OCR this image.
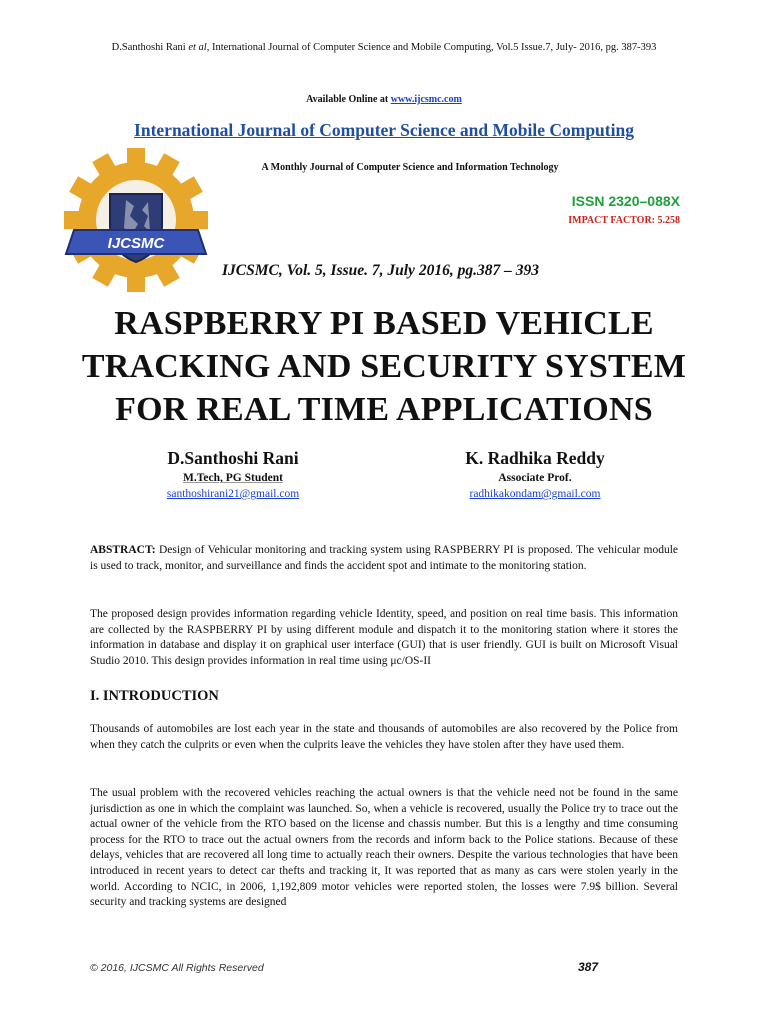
D.Santhoshi Rani et al, International Journal of Computer Science and Mobile Computing, Vol.5 Issue.7, July- 2016, pg. 387-393
Available Online at www.ijcsmc.com
International Journal of Computer Science and Mobile Computing
A Monthly Journal of Computer Science and Information Technology
IJCSMC
ISSN 2320–088X
IMPACT FACTOR: 5.258
IJCSMC, Vol. 5, Issue. 7, July 2016, pg.387 – 393
RASPBERRY PI BASED VEHICLE
TRACKING AND SECURITY SYSTEM
FOR REAL TIME APPLICATIONS
D.Santhoshi Rani
M.Tech, PG Student
santhoshirani21@gmail.com
K. Radhika Reddy
Associate Prof.
radhikakondam@gmail.com

ABSTRACT: Design of Vehicular monitoring and tracking system using RASPBERRY PI is proposed. The vehicular module is used to track, monitor, and surveillance and finds the accident spot and intimate to the monitoring station.

The proposed design provides information regarding vehicle Identity, speed, and position on real time basis. This information are collected by the RASPBERRY PI by using different module and dispatch it to the monitoring station where it stores the information in database and display it on graphical user interface (GUI) that is user friendly. GUI is built on Microsoft Visual Studio 2010. This design provides information in real time using μc/OS-II

I. INTRODUCTION

Thousands of automobiles are lost each year in the state and thousands of automobiles are also recovered by the Police from when they catch the culprits or even when the culprits leave the vehicles they have stolen after they have used them.

The usual problem with the recovered vehicles reaching the actual owners is that the vehicle need not be found in the same jurisdiction as one in which the complaint was launched. So, when a vehicle is recovered, usually the Police try to trace out the actual owner of the vehicle from the RTO based on the license and chassis number. But this is a lengthy and time consuming process for the RTO to trace out the actual owners from the records and inform back to the Police stations. Because of these delays, vehicles that are recovered all long time to actually reach their owners. Despite the various technologies that have been introduced in recent years to detect car thefts and tracking it, It was reported that as many as cars were stolen yearly in the world. According to NCIC, in 2006, 1,192,809 motor vehicles were reported stolen, the losses were 7.9$ billion. Several security and tracking systems are designed

© 2016, IJCSMC All Rights Reserved	387
